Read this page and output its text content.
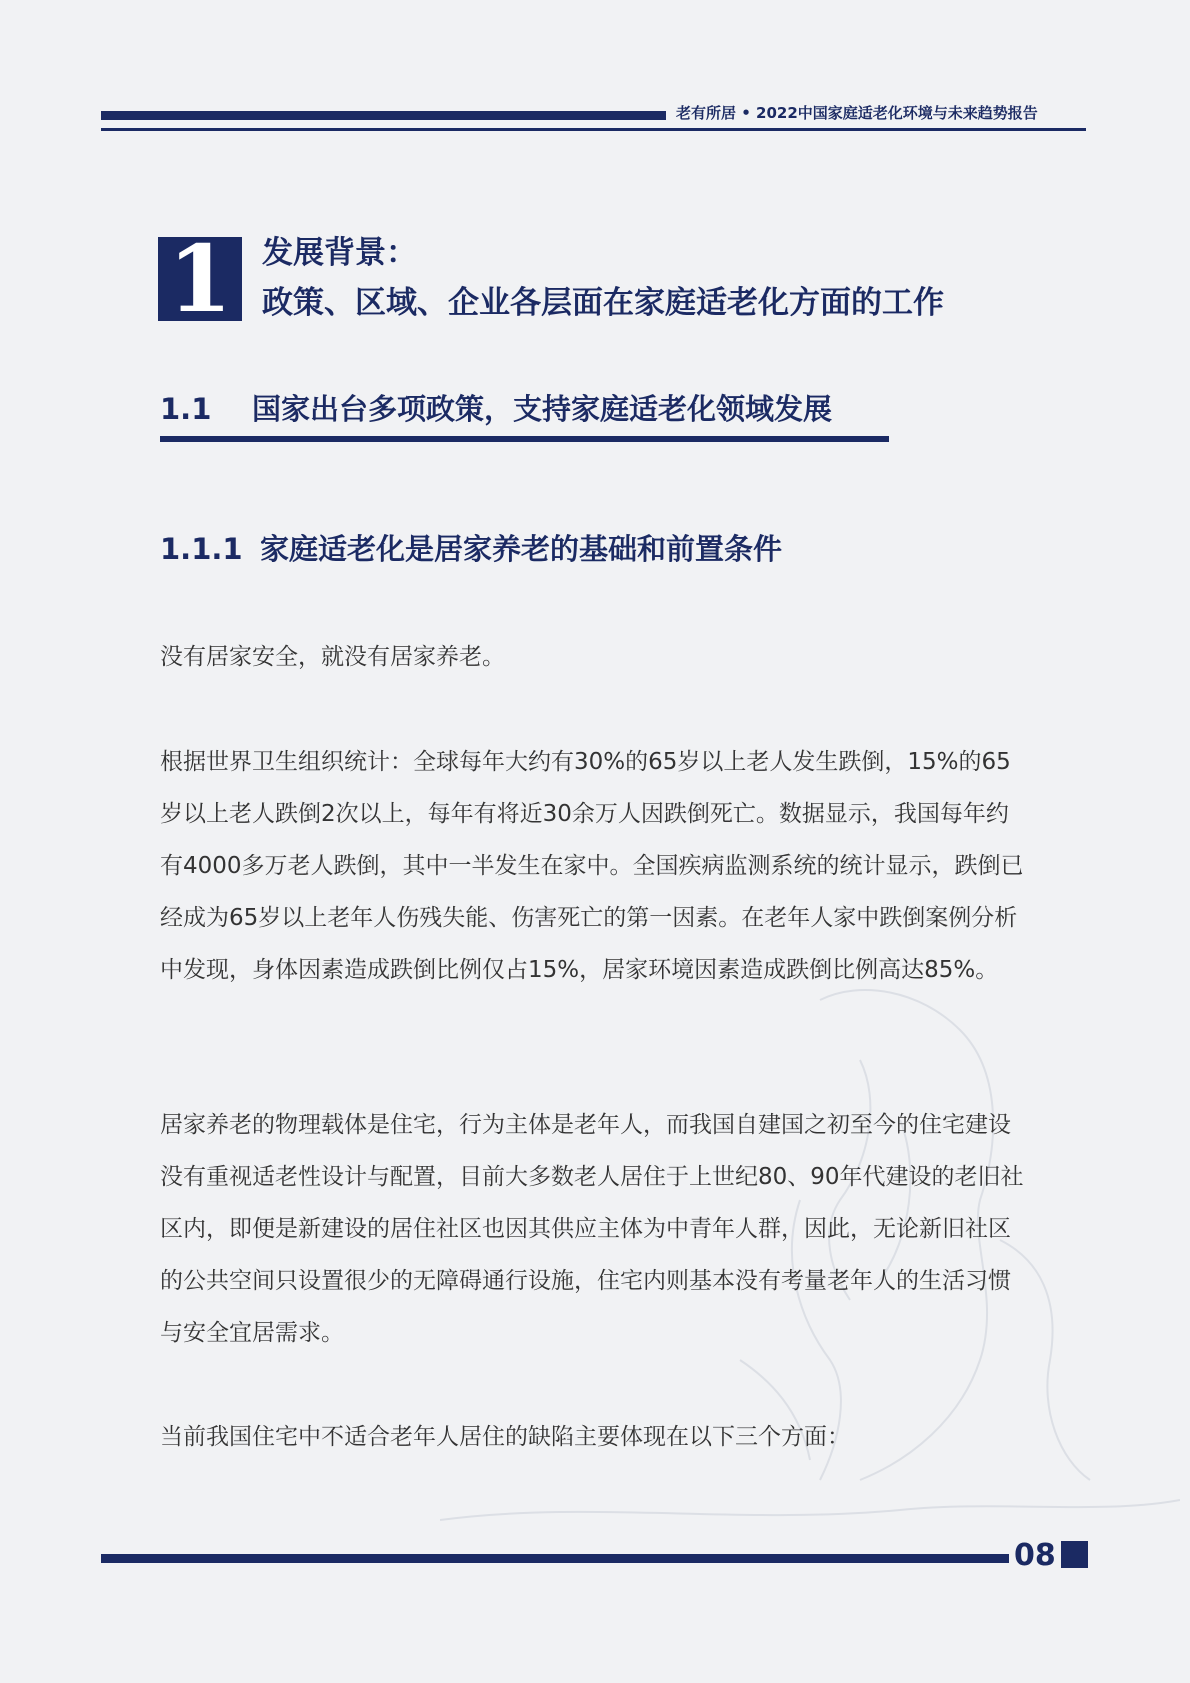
老有所居 • 2022中国家庭适老化环境与未来趋势报告
1 发展背景：
政策、区域、企业各层面在家庭适老化方面的工作
1.1 国家出台多项政策，支持家庭适老化领域发展
1.1.1 家庭适老化是居家养老的基础和前置条件
没有居家安全，就没有居家养老。
根据世界卫生组织统计：全球每年大约有30%的65岁以上老人发生跌倒，15%的65岁以上老人跌倒2次以上，每年有将近30余万人因跌倒死亡。数据显示，我国每年约有4000多万老人跌倒，其中一半发生在家中。全国疾病监测系统的统计显示，跌倒已经成为65岁以上老年人伤残失能、伤害死亡的第一因素。在老年人家中跌倒案例分析中发现，身体因素造成跌倒比例仅占15%，居家环境因素造成跌倒比例高达85%。
居家养老的物理载体是住宅，行为主体是老年人，而我国自建国之初至今的住宅建设没有重视适老性设计与配置，目前大多数老人居住于上世纪80、90年代建设的老旧社区内，即便是新建设的居住社区也因其供应主体为中青年人群，因此，无论新旧社区的公共空间只设置很少的无障碍通行设施，住宅内则基本没有考量老年人的生活习惯与安全宜居需求。
当前我国住宅中不适合老年人居住的缺陷主要体现在以下三个方面：
08
